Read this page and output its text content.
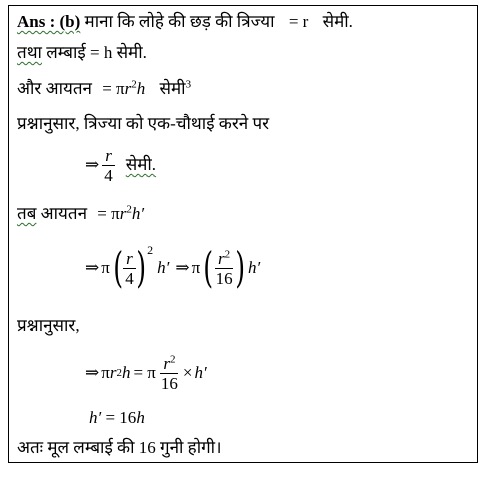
Ans : (b) माना कि लोहे की छड़ की त्रिज्या = r सेमी.
तथा लम्बाई = h सेमी.
और आयतन = $\pi r^2h$ सेमी$^3$
प्रश्नानुसार, त्रिज्या को एक-चौथाई करने पर
⇒ $\frac{r}{4}$ सेमी.
तब आयतन = $\pi r^2h'$
⇒ π ( $\frac{r}{4}$ ) 2
h′ ⇒ π ( $\frac{r^2}{16}$ ) h′
प्रश्नानुसार,
⇒ π r 2 h = π $\frac{r^2}{16} \times h'$
h′ = 16h
अतः मूल लम्बाई की 16 गुनी होगी।
